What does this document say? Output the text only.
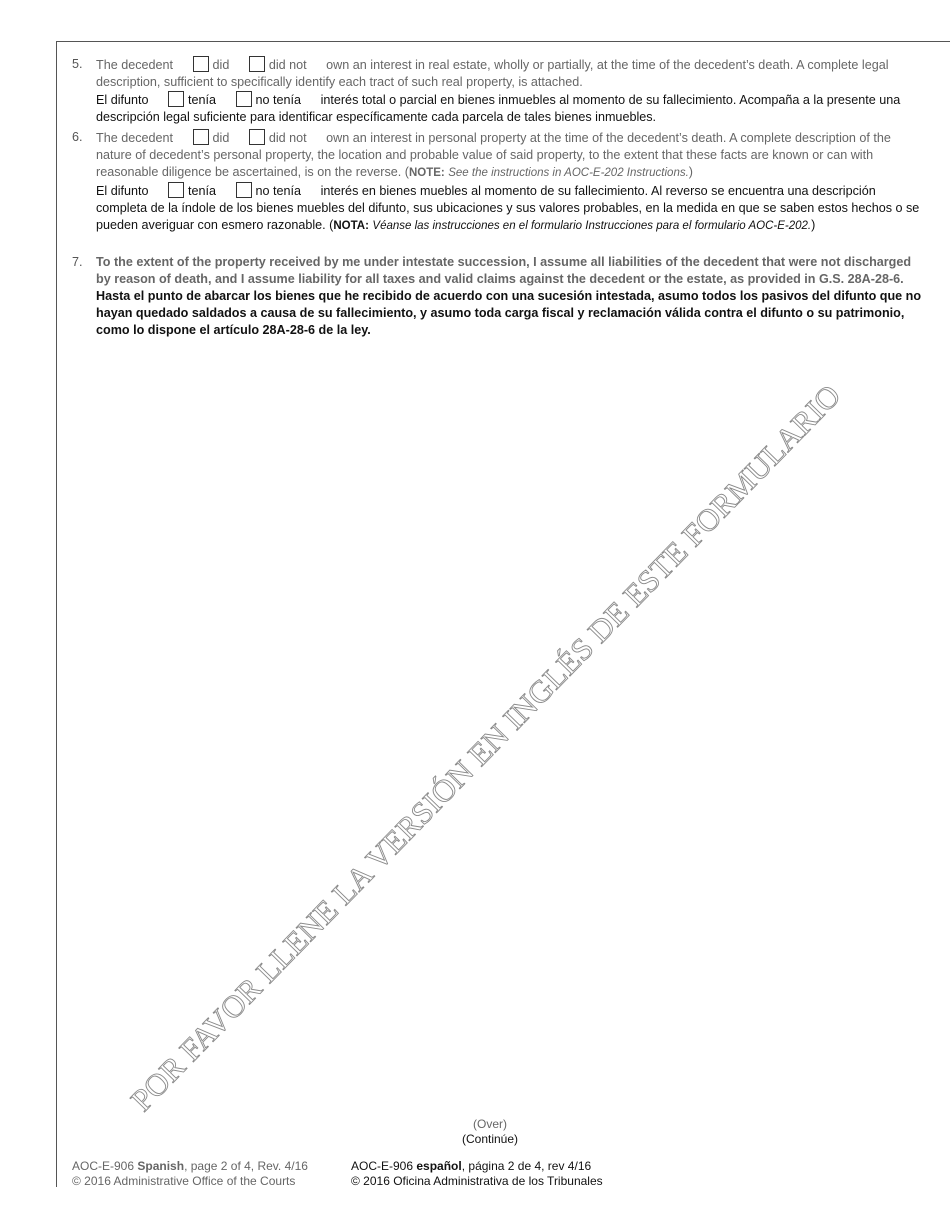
5.	The decedent	did	did not own an interest in real estate, wholly or partially, at the time of the decedent’s death. A complete legal description, sufficient to specifically identify each tract of such real property, is attached.
El difunto	tenía	no tenía interés total o parcial en bienes inmuebles al momento de su fallecimiento. Acompaña a la presente una descripción legal suficiente para identificar específicamente cada parcela de tales bienes inmuebles.
6.	The decedent	did	did not own an interest in personal property at the time of the decedent’s death. A complete description of the nature of decedent’s personal property, the location and probable value of said property, to the extent that these facts are known or can with reasonable diligence be ascertained, is on the reverse. (NOTE: See the instructions in AOC-E-202 Instructions.)
El difunto	tenía	no tenía interés en bienes muebles al momento de su fallecimiento. Al reverso se encuentra una descripción completa de la índole de los bienes muebles del difunto, sus ubicaciones y sus valores probables, en la medida en que se saben estos hechos o se pueden averiguar con esmero razonable. (NOTA: Véanse las instrucciones en el formulario Instrucciones para el formulario AOC-E-202.)
7.	To the extent of the property received by me under intestate succession, I assume all liabilities of the decedent that were not discharged by reason of death, and I assume liability for all taxes and valid claims against the decedent or the estate, as provided in G.S. 28A-28-6.
Hasta el punto de abarcar los bienes que he recibido de acuerdo con una sucesión intestada, asumo todos los pasivos del difunto que no hayan quedado saldados a causa de su fallecimiento, y asumo toda carga fiscal y reclamación válida contra el difunto o su patrimonio, como lo dispone el artículo 28A-28-6 de la ley.
POR FAVOR LLENE LA VERSIÓN EN INGLÉS DE ESTE FORMULARIO
(Over)
(Continúe)
AOC-E-906 Spanish, page 2 of 4, Rev. 4/16
© 2016 Administrative Office of the Courts
AOC-E-906 español, página 2 de 4, rev 4/16
© 2016 Oficina Administrativa de los Tribunales
